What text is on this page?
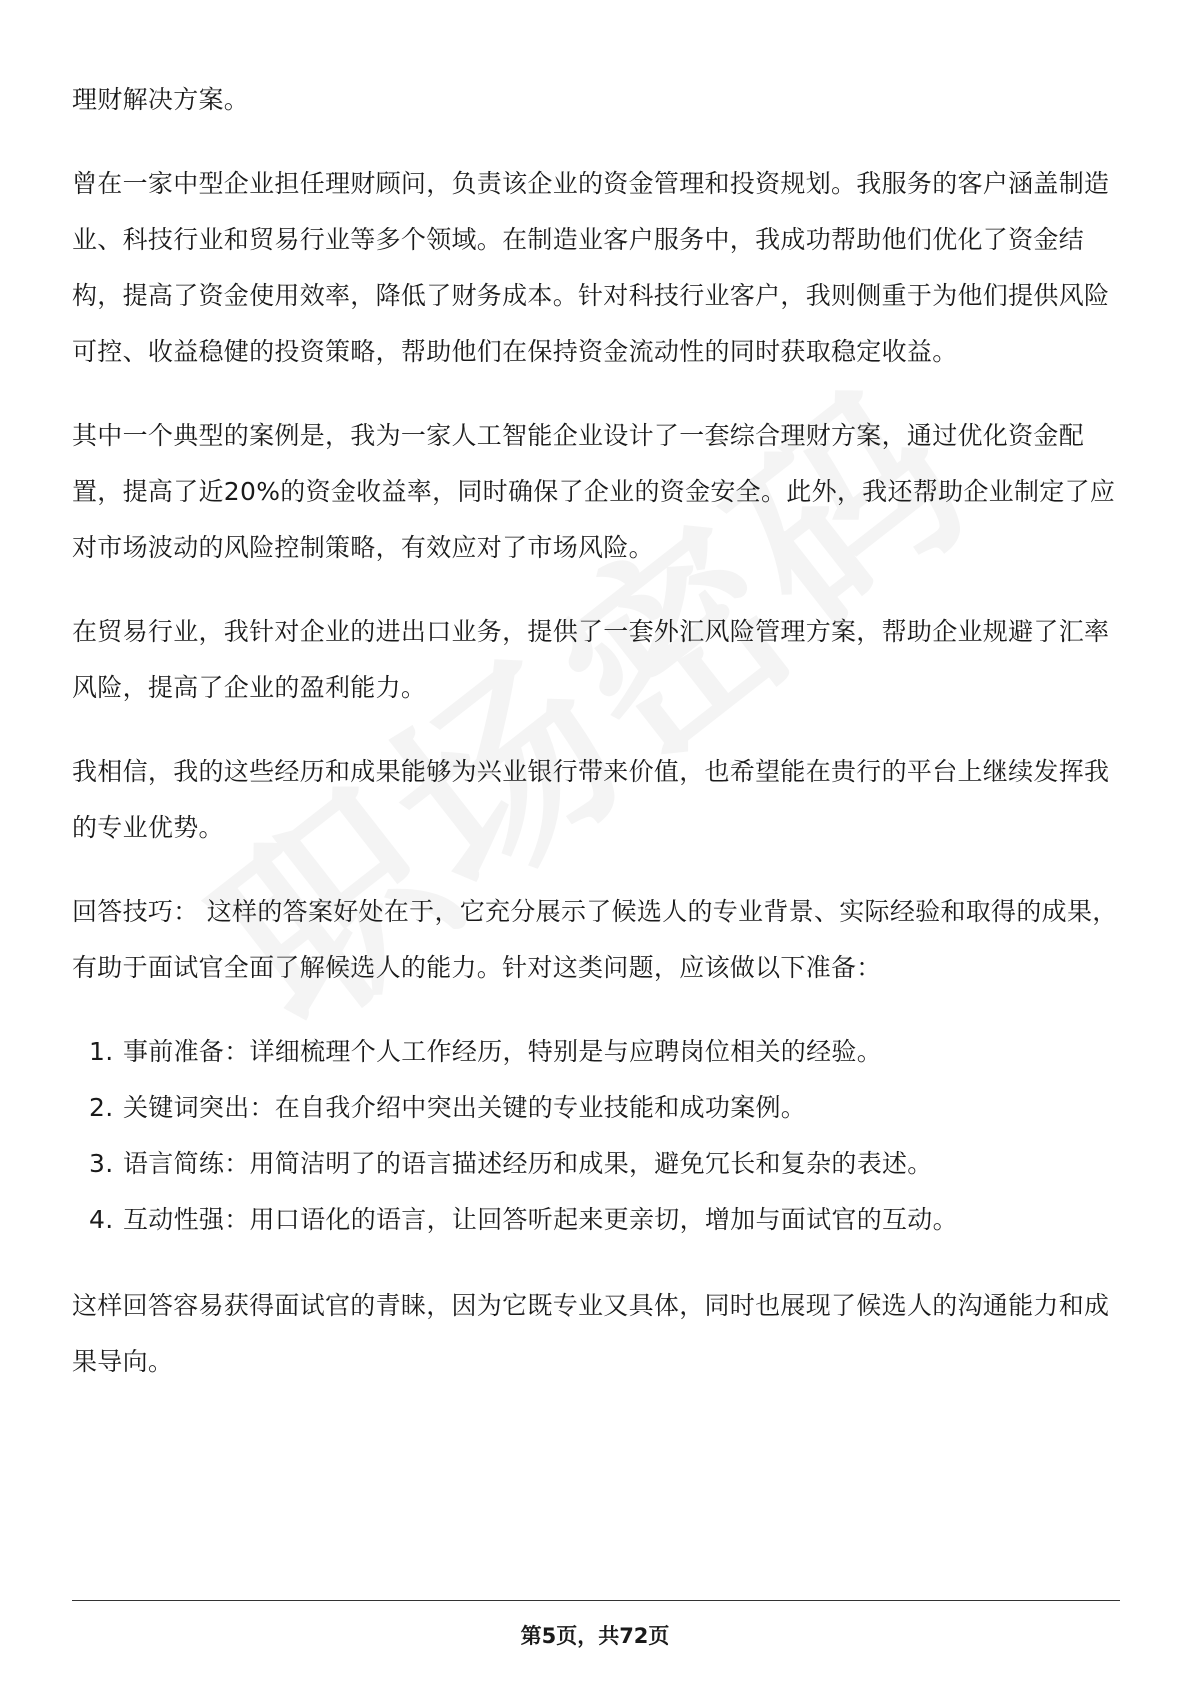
理财解决方案。

曾在一家中型企业担任理财顾问，负责该企业的资金管理和投资规划。我服务的客户涵盖制造业、科技行业和贸易行业等多个领域。在制造业客户服务中，我成功帮助他们优化了资金结构，提高了资金使用效率，降低了财务成本。针对科技行业客户，我则侧重于为他们提供风险可控、收益稳健的投资策略，帮助他们在保持资金流动性的同时获取稳定收益。

其中一个典型的案例是，我为一家人工智能企业设计了一套综合理财方案，通过优化资金配置，提高了近20%的资金收益率，同时确保了企业的资金安全。此外，我还帮助企业制定了应对市场波动的风险控制策略，有效应对了市场风险。

在贸易行业，我针对企业的进出口业务，提供了一套外汇风险管理方案，帮助企业规避了汇率风险，提高了企业的盈利能力。

我相信，我的这些经历和成果能够为兴业银行带来价值，也希望能在贵行的平台上继续发挥我的专业优势。

回答技巧： 这样的答案好处在于，它充分展示了候选人的专业背景、实际经验和取得的成果，有助于面试官全面了解候选人的能力。针对这类问题，应该做以下准备：

1. 事前准备：详细梳理个人工作经历，特别是与应聘岗位相关的经验。
2. 关键词突出：在自我介绍中突出关键的专业技能和成功案例。
3. 语言简练：用简洁明了的语言描述经历和成果，避免冗长和复杂的表述。
4. 互动性强：用口语化的语言，让回答听起来更亲切，增加与面试官的互动。

这样回答容易获得面试官的青睐，因为它既专业又具体，同时也展现了候选人的沟通能力和成果导向。

第5页，共72页
